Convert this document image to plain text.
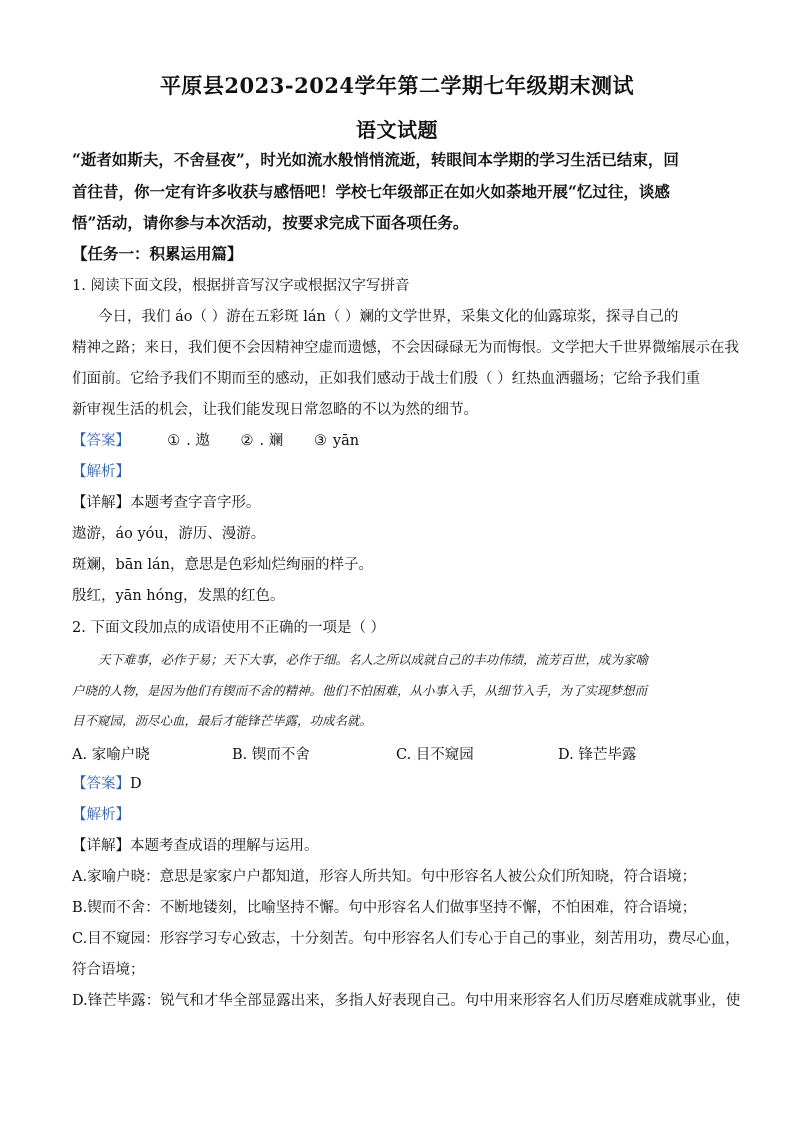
平原县2023-2024学年第二学期七年级期末测试
语文试题
“逝者如斯夫，不舍昼夜”，时光如流水般悄悄流逝，转眼间本学期的学习生活已结束，回
首往昔，你一定有许多收获与感悟吧！学校七年级部正在如火如荼地开展“忆过往，谈感
悟”活动，请你参与本次活动，按要求完成下面各项任务。
【任务一：积累运用篇】
1. 阅读下面文段，根据拼音写汉字或根据汉字写拼音
今日，我们 áo（ ）游在五彩斑 lán（ ）斓的文学世界，采集文化的仙露琼浆，探寻自己的
精神之路；来日，我们便不会因精神空虚而遗憾，不会因碌碌无为而悔恨。文学把大千世界微缩展示在我
们面前。它给予我们不期而至的感动，正如我们感动于战士们殷（ ）红热血洒疆场；它给予我们重
新审视生活的机会，让我们能发现日常忽略的不以为然的细节。
【答案】	① . 遨 ② . 斓 ③ yān
【解析】
【详解】本题考查字音字形。
遨游，áo yóu，游历、漫游。
斑斓，bān lán，意思是色彩灿烂绚丽的样子。
殷红，yān hóng，发黑的红色。
2. 下面文段加点的成语使用不正确的一项是（ ）
天下难事，必作于易；天下大事，必作于细。名人之所以成就自己的丰功伟绩，流芳百世，成为家喻
户晓的人物，是因为他们有锲而不舍的精神。他们不怕困难，从小事入手，从细节入手，为了实现梦想而
目不窥园，沥尽心血，最后才能锋芒毕露，功成名就。
A. 家喻户晓	B. 锲而不舍	C. 目不窥园	D. 锋芒毕露
【答案】D
【解析】
【详解】本题考查成语的理解与运用。
A.家喻户晓：意思是家家户户都知道，形容人所共知。句中形容名人被公众们所知晓，符合语境；
B.锲而不舍：不断地镂刻，比喻坚持不懈。句中形容名人们做事坚持不懈，不怕困难，符合语境；
C.目不窥园：形容学习专心致志，十分刻苦。句中形容名人们专心于自己的事业，刻苦用功，费尽心血，
符合语境；
D.锋芒毕露：锐气和才华全部显露出来，多指人好表现自己。句中用来形容名人们历尽磨难成就事业，使
